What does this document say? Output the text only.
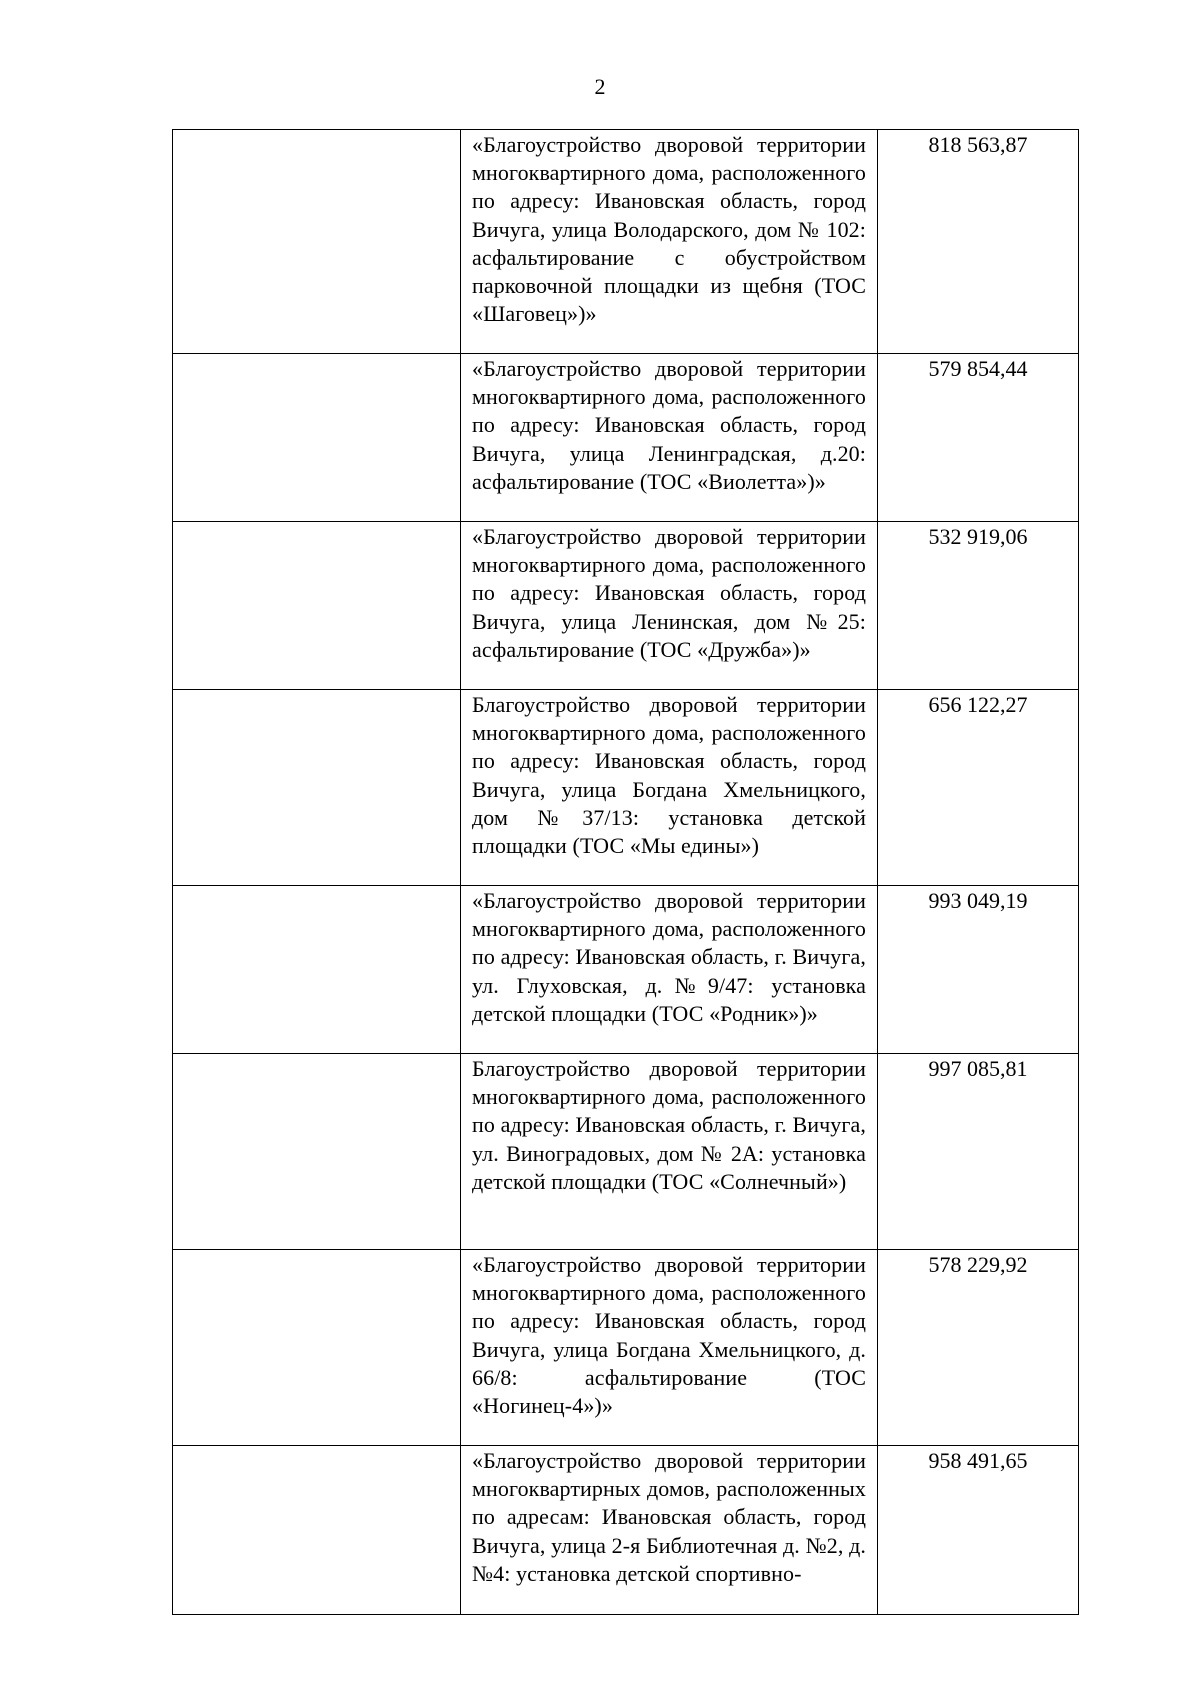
2
	«Благоустройство дворовой территории многоквартирного дома, расположенного по адресу: Ивановская область, город Вичуга, улица Володарского, дом № 102: асфальтирование с обустройством парковочной площадки из щебня (ТОС «Шаговец»)»	818 563,87
	«Благоустройство дворовой территории многоквартирного дома, расположенного по адресу: Ивановская область, город Вичуга, улица Ленинградская, д.20: асфальтирование (ТОС «Виолетта»)»	579 854,44
	«Благоустройство дворовой территории многоквартирного дома, расположенного по адресу: Ивановская область, город Вичуга, улица Ленинская, дом №25: асфальтирование (ТОС «Дружба»)»	532 919,06
	Благоустройство дворовой территории многоквартирного дома, расположенного по адресу: Ивановская область, город Вичуга, улица Богдана Хмельницкого, дом №37/13: установка детской площадки (ТОС «Мы едины»)	656 122,27
	«Благоустройство дворовой территории многоквартирного дома, расположенного по адресу: Ивановская область, г. Вичуга, ул. Глуховская, д.№9/47: установка детской площадки (ТОС «Родник»)»	993 049,19
	Благоустройство дворовой территории многоквартирного дома, расположенного по адресу: Ивановская область, г. Вичуга, ул. Виноградовых, дом № 2А: установка детской площадки (ТОС «Солнечный»)	997 085,81
	«Благоустройство дворовой территории многоквартирного дома, расположенного по адресу: Ивановская область, город Вичуга, улица Богдана Хмельницкого, д. 66/8: асфальтирование (ТОС «Ногинец-4»)»	578 229,92
	«Благоустройство дворовой территории многоквартирных домов, расположенных по адресам: Ивановская область, город Вичуга, улица 2-я Библиотечная д. №2, д. №4: установка детской спортивно-	958 491,65
